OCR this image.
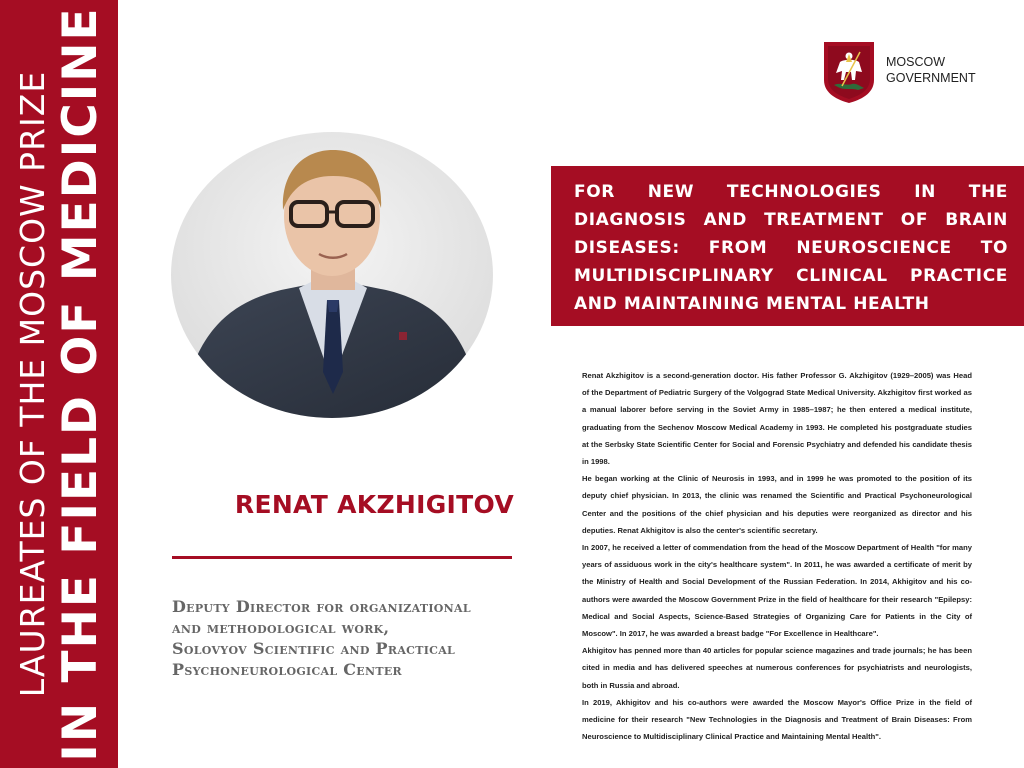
LAUREATES OF THE MOSCOW PRIZE IN THE FIELD OF MEDICINE	MOSCOW
GOVERNMENT
FOR NEW TECHNOLOGIES IN THE DIAGNOSIS AND TREATMENT OF BRAIN DISEASES: FROM NEUROSCIENCE TO MULTIDISCIPLINARY CLINICAL PRACTICE AND MAINTAINING MENTAL HEALTH
RENAT AKZHIGITOV
Deputy Director for organizational
and methodological work,
Solovyov Scientific and Practical
Psychoneurological Center

Renat Akzhigitov is a second-generation doctor. His father Professor G. Akzhigitov (1929–2005) was Head of the Department of Pediatric Surgery of the Volgograd State Medical University. Akzhigitov first worked as a manual laborer before serving in the Soviet Army in 1985–1987; he then entered a medical institute, graduating from the Sechenov Moscow Medical Academy in 1993. He completed his postgraduate studies at the Serbsky State Scientific Center for Social and Forensic Psychiatry and defended his candidate thesis in 1998.

He began working at the Clinic of Neurosis in 1993, and in 1999 he was promoted to the position of its deputy chief physician. In 2013, the clinic was renamed the Scientific and Practical Psychoneurological Center and the positions of the chief physician and his deputies were reorganized as director and his deputies. Renat Akhigitov is also the center's scientific secretary.

In 2007, he received a letter of commendation from the head of the Moscow Department of Health "for many years of assiduous work in the city's healthcare system". In 2011, he was awarded a certificate of merit by the Ministry of Health and Social Development of the Russian Federation. In 2014, Akhigitov and his co-authors were awarded the Moscow Government Prize in the field of healthcare for their research "Epilepsy: Medical and Social Aspects, Science-Based Strategies of Organizing Care for Patients in the City of Moscow". In 2017, he was awarded a breast badge "For Excellence in Healthcare".

Akhigitov has penned more than 40 articles for popular science magazines and trade journals; he has been cited in media and has delivered speeches at numerous conferences for psychiatrists and neurologists, both in Russia and abroad.

In 2019, Akhigitov and his co-authors were awarded the Moscow Mayor's Office Prize in the field of medicine for their research "New Technologies in the Diagnosis and Treatment of Brain Diseases: From Neuroscience to Multidisciplinary Clinical Practice and Maintaining Mental Health".
